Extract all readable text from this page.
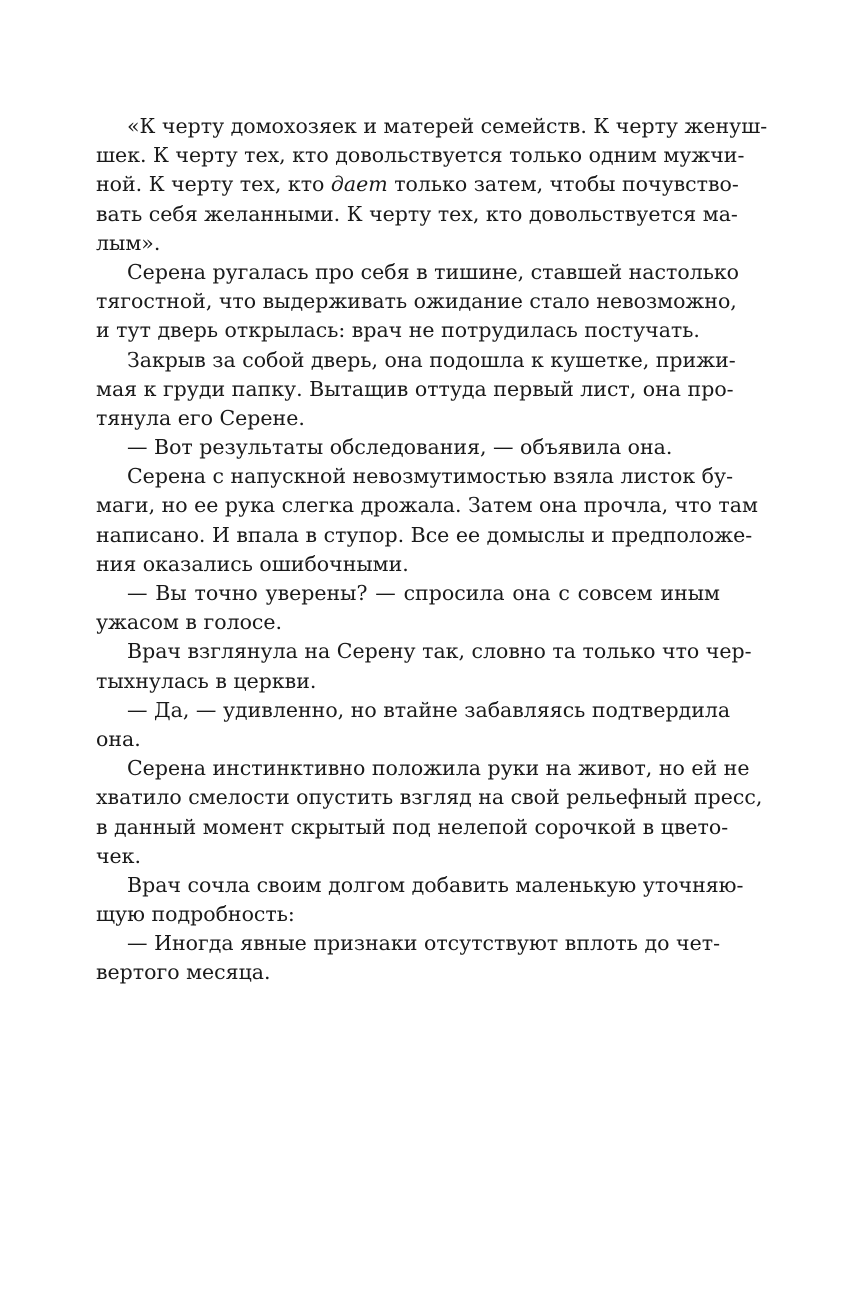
«К черту домохозяек и матерей семейств. К черту женуш-
шек. К черту тех, кто довольствуется только одним мужчи-
ной. К черту тех, кто дает только затем, чтобы почувство-
вать себя желанными. К черту тех, кто довольствуется ма-
лым».
Серена ругалась про себя в тишине, ставшей настолько
тягостной, что выдерживать ожидание стало невозможно,
и тут дверь открылась: врач не потрудилась постучать.
Закрыв за собой дверь, она подошла к кушетке, прижи-
мая к груди папку. Вытащив оттуда первый лист, она про-
тянула его Серене.
— Вот результаты обследования, — объявила она.
Серена с напускной невозмутимостью взяла листок бу-
маги, но ее рука слегка дрожала. Затем она прочла, что там
написано. И впала в ступор. Все ее домыслы и предположе-
ния оказались ошибочными.
— Вы точно уверены? — спросила она с совсем иным
ужасом в голосе.
Врач взглянула на Серену так, словно та только что чер-
тыхнулась в церкви.
— Да, — удивленно, но втайне забавляясь подтвердила
она.
Серена инстинктивно положила руки на живот, но ей не
хватило смелости опустить взгляд на свой рельефный пресс,
в данный момент скрытый под нелепой сорочкой в цвето-
чек.
Врач сочла своим долгом добавить маленькую уточняю-
щую подробность:
— Иногда явные признаки отсутствуют вплоть до чет-
вертого месяца.
